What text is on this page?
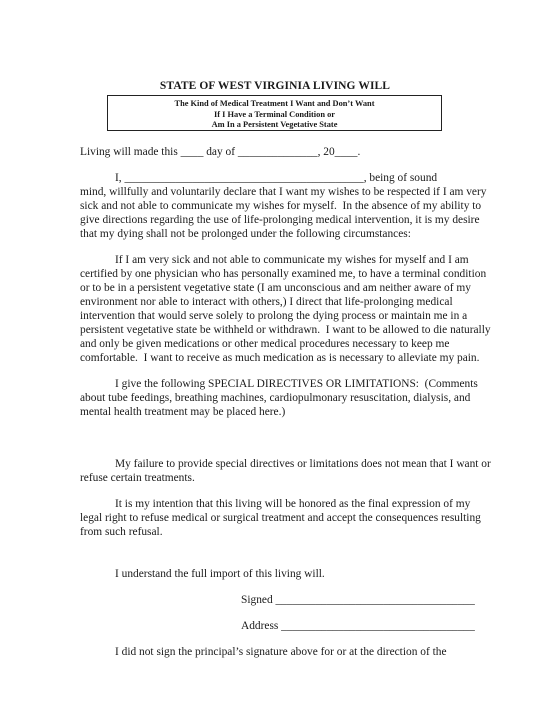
STATE OF WEST VIRGINIA LIVING WILL
The Kind of Medical Treatment I Want and Don’t Want
If I Have a Terminal Condition or
Am In a Persistent Vegetative State
Living will made this ____ day of ______________, 20____.
I, __________________________________________, being of sound
mind, willfully and voluntarily declare that I want my wishes to be respected if I am very
sick and not able to communicate my wishes for myself.  In the absence of my ability to
give directions regarding the use of life-prolonging medical intervention, it is my desire
that my dying shall not be prolonged under the following circumstances:
If I am very sick and not able to communicate my wishes for myself and I am
certified by one physician who has personally examined me, to have a terminal condition
or to be in a persistent vegetative state (I am unconscious and am neither aware of my
environment nor able to interact with others,) I direct that life-prolonging medical
intervention that would serve solely to prolong the dying process or maintain me in a
persistent vegetative state be withheld or withdrawn.  I want to be allowed to die naturally
and only be given medications or other medical procedures necessary to keep me
comfortable.  I want to receive as much medication as is necessary to alleviate my pain.
I give the following SPECIAL DIRECTIVES OR LIMITATIONS:  (Comments
about tube feedings, breathing machines, cardiopulmonary resuscitation, dialysis, and
mental health treatment may be placed here.)
My failure to provide special directives or limitations does not mean that I want or
refuse certain treatments.
It is my intention that this living will be honored as the final expression of my
legal right to refuse medical or surgical treatment and accept the consequences resulting
from such refusal.
I understand the full import of this living will.
Signed ___________________________________
Address __________________________________
I did not sign the principal’s signature above for or at the direction of the
